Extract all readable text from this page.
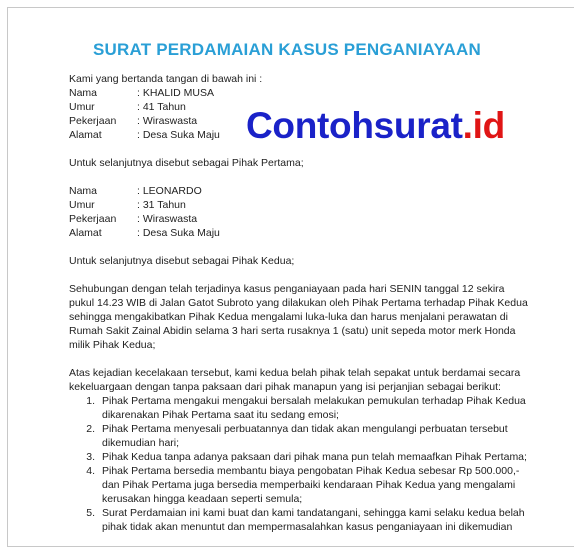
SURAT PERDAMAIAN KASUS PENGANIAYAAN
Contohsurat.id
Kami yang bertanda tangan di bawah ini :
Nama	: KHALID MUSA
Umur	: 41 Tahun
Pekerjaan	: Wiraswasta
Alamat	: Desa Suka Maju
Untuk selanjutnya disebut sebagai Pihak Pertama;
Nama	: LEONARDO
Umur	: 31 Tahun
Pekerjaan	: Wiraswasta
Alamat	: Desa Suka Maju
Untuk selanjutnya disebut sebagai Pihak Kedua;
Sehubungan dengan telah terjadinya kasus penganiayaan pada hari SENIN tanggal 12 sekira
pukul 14.23 WIB di Jalan Gatot Subroto yang dilakukan oleh Pihak Pertama terhadap Pihak Kedua
sehingga mengakibatkan Pihak Kedua mengalami luka-luka dan harus menjalani perawatan di
Rumah Sakit Zainal Abidin selama 3 hari serta rusaknya 1 (satu) unit sepeda motor merk Honda
milik Pihak Kedua;
Atas kejadian kecelakaan tersebut, kami kedua belah pihak telah sepakat untuk berdamai secara
kekeluargaan dengan tanpa paksaan dari pihak manapun yang isi perjanjian sebagai berikut:
1. Pihak Pertama mengakui mengakui bersalah melakukan pemukulan terhadap Pihak Kedua
dikarenakan Pihak Pertama saat itu sedang emosi;
2. Pihak Pertama menyesali perbuatannya dan tidak akan mengulangi perbuatan tersebut
dikemudian hari;
3. Pihak Kedua tanpa adanya paksaan dari pihak mana pun telah memaafkan Pihak Pertama;
4. Pihak Pertama bersedia membantu biaya pengobatan Pihak Kedua sebesar Rp 500.000,-
dan Pihak Pertama juga bersedia memperbaiki kendaraan Pihak Kedua yang mengalami
kerusakan hingga keadaan seperti semula;
5. Surat Perdamaian ini kami buat dan kami tandatangani, sehingga kami selaku kedua belah
pihak tidak akan menuntut dan mempermasalahkan kasus penganiayaan ini dikemudian
